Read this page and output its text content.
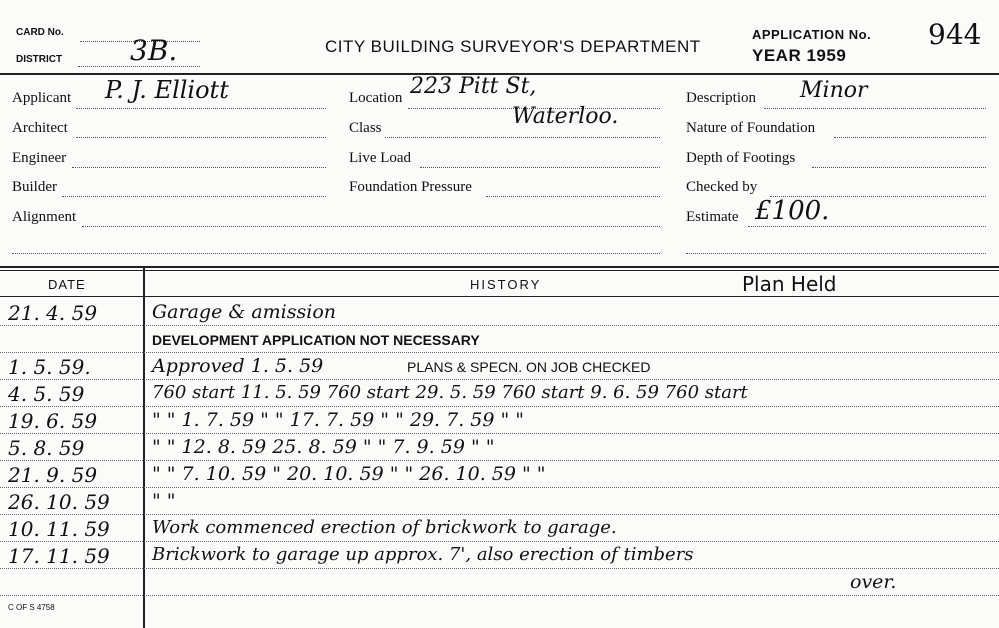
CARD No.
DISTRICT 3B.	CITY BUILDING SURVEYOR'S DEPARTMENT
APPLICATION No. 944
YEAR 1959
Applicant P. J. Elliott
Architect
Engineer
Builder
Alignment
Location 223 Pitt St,
Waterloo.
Class
Live Load
Foundation Pressure
Description Minor
Nature of Foundation
Depth of Footings
Checked by
Estimate £100.
DATE	HISTORY	Plan Held
21. 4. 59	Garage & amission
DEVELOPMENT APPLICATION NOT NECESSARY
1. 5. 59.	Approved 1. 5. 59	PLANS & SPECN. ON JOB CHECKED
4. 5. 59	760 start 11. 5. 59 760 start 29. 5. 59 760 start 9. 6. 59 760 start
19. 6. 59	" " 1. 7. 59 " " 17. 7. 59 " " 29. 7. 59 " "
5. 8. 59	" " 12. 8. 59 25. 8. 59 " " 7. 9. 59 " "
21. 9. 59	" " 7. 10. 59 " 20. 10. 59 " " 26. 10. 59 " "
26. 10. 59 " "
10. 11. 59 Work commenced erection of brickwork to garage.
17. 11. 59 Brickwork to garage up approx. 7', also erection of timbers
over.
C OF S 4758
